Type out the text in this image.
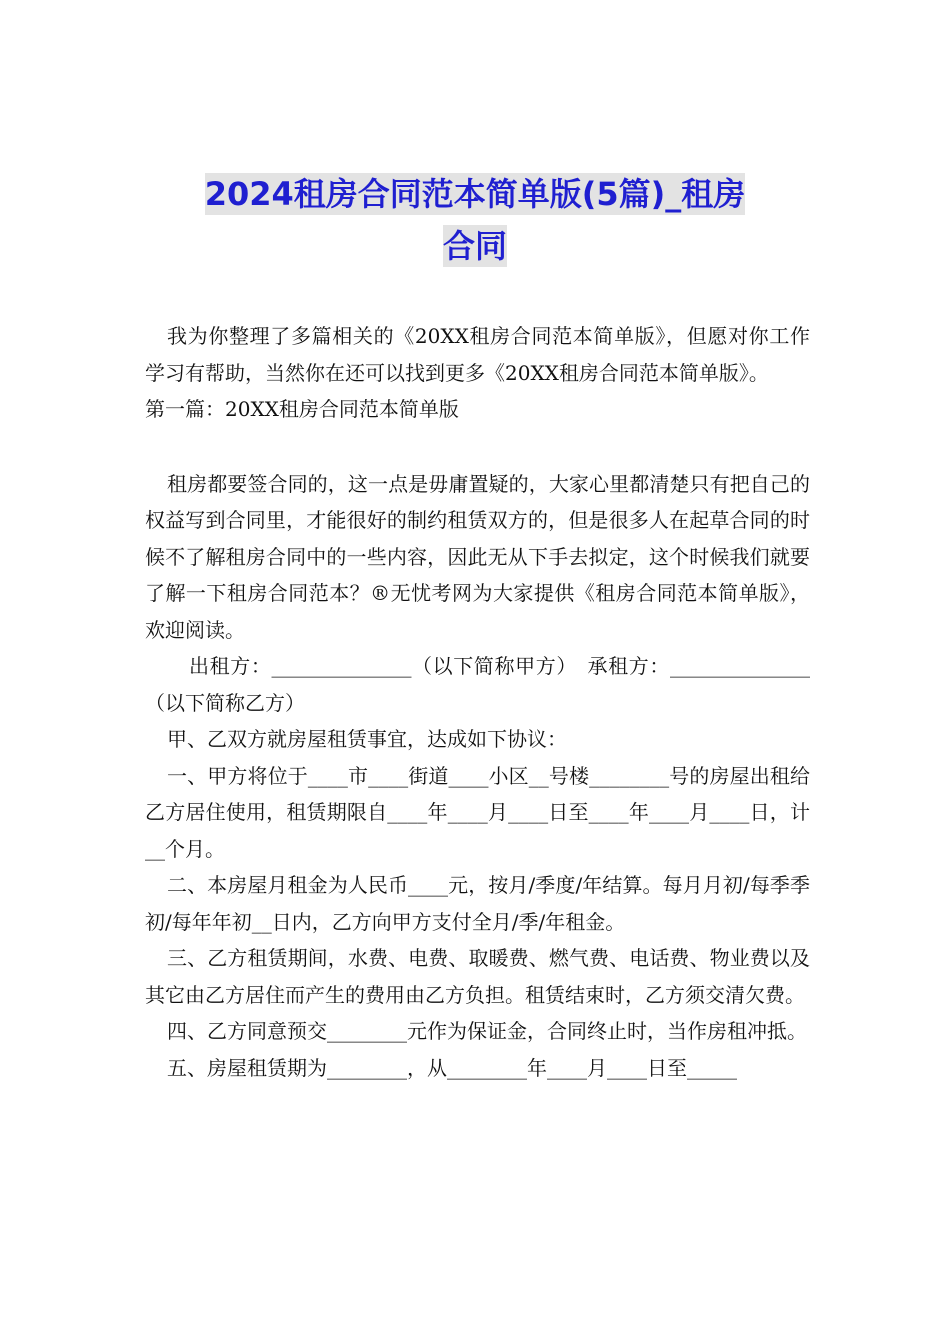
2024租房合同范本简单版(5篇)_租房
合同

我为你整理了多篇相关的《20XX租房合同范本简单版》，但愿对你工作学习有帮助，当然你在还可以找到更多《20XX租房合同范本简单版》。

第一篇：20XX租房合同范本简单版

租房都要签合同的，这一点是毋庸置疑的，大家心里都清楚只有把自己的权益写到合同里，才能很好的制约租赁双方的，但是很多人在起草合同的时候不了解租房合同中的一些内容，因此无从下手去拟定，这个时候我们就要了解一下租房合同范本？®无忧考网为大家提供《租房合同范本简单版》，欢迎阅读。

出租方：______________（以下简称甲方）　承租方：______________（以下简称乙方）

甲、乙双方就房屋租赁事宜，达成如下协议：

一、甲方将位于____市____街道____小区__号楼________号的房屋出租给乙方居住使用，租赁期限自____年____月____日至____年____月____日，计__个月。

二、本房屋月租金为人民币____元，按月/季度/年结算。每月月初/每季季初/每年年初__日内，乙方向甲方支付全月/季/年租金。

三、乙方租赁期间，水费、电费、取暖费、燃气费、电话费、物业费以及其它由乙方居住而产生的费用由乙方负担。租赁结束时，乙方须交清欠费。

四、乙方同意预交________元作为保证金，合同终止时，当作房租冲抵。

五、房屋租赁期为________，从________年____月____日至_____
